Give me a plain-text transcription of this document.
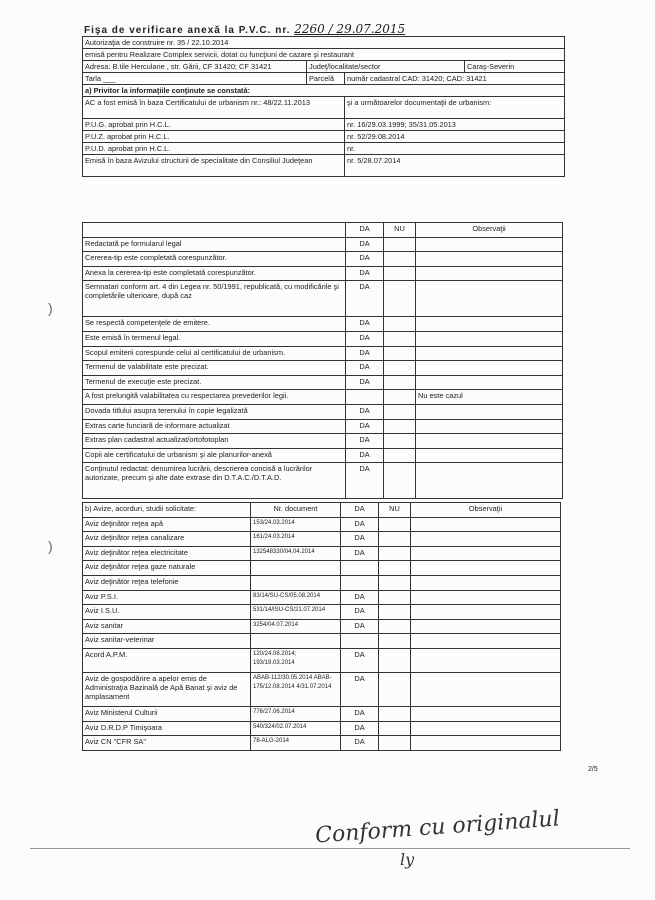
)
)
Fişa de verificare anexă la P.V.C. nr. 2260 / 29.07.2015
Autorizaţia de construire nr. 35 / 22.10.2014			
emisă pentru Realizare Complex servicii, dotat cu funcţiuni de cazare şi restaurant			
Adresa: B.tile Herculane , str. Gării, CF 31420; CF 31421	Judeţ/localitate/sector		Caraş-Severin
Tarla ___	Parcelă	număr cadastral CAD: 31420; CAD: 31421	
a) Privitor la informaţiile conţinute se constată:			
AC a fost emisă în baza Certificatului de urbanism nr.: 48/22.11.2013		şi a următoarelor documentaţii de urbanism:	
P.U.G. aprobat prin H.C.L.		nr. 16/29.03.1999; 35/31.05.2013	
P.U.Z. aprobat prin H.C.L.		nr. 52/29.08.2014	
P.U.D. aprobat prin H.C.L.		nr.	
Emisă în baza Avizului structurii de specialitate din Consiliul Judeţean		nr. 5/28.07.2014	
	DA	NU	Observaţii
Redactată pe formularul legal	DA		
Cererea-tip este completată corespunzător.	DA		
Anexa la cererea-tip este completată corespunzător.	DA		
Semnatari conform art. 4 din Legea nr. 50/1991, republicată, cu modificările şi completările ulterioare, după caz	DA		
Se respectă competenţele de emitere.	DA		
Este emisă în termenul legal.	DA		
Scopul emiterii corespunde celui al certificatului de urbanism.	DA		
Termenul de valabilitate este precizat.	DA		
Termenul de execuţie este precizat.	DA		
A fost prelungită valabilitatea cu respectarea prevederilor legii.			Nu este cazul
Dovada titlului asupra terenului în copie legalizată	DA		
Extras carte funciară de informare actualizat	DA		
Extras plan cadastral actualizat/ortofotoplan	DA		
Copii ale certificatului de urbanism şi ale planurilor-anexă	DA		
Conţinutul redactat: denumirea lucrării, descrierea concisă a lucrărilor autorizate, precum şi alte date extrase din D.T.A.C./D.T.A.D.	DA		
b) Avize, acorduri, studii solicitate:	Nr. document	DA	NU	Observaţii
Aviz deţinător reţea apă	153/24.03.2014	DA		
Aviz deţinător reţea canalizare	161/24.03.2014	DA		
Aviz deţinător reţea electricitate	132548330/04.04.2014	DA		
Aviz deţinător reţea gaze naturale				
Aviz deţinător reţea telefonie				
Aviz P.S.I.	83/14/SU-CS/05.08.2014	DA		
Aviz I.S.U.	531/14/ISU-CS/21.07.2014	DA		
Aviz sanitar	3254/04.07.2014	DA		
Aviz sanitar-veterinar				
Acord A.P.M.	120/24.06.2014; 193/19.03.2014	DA		
Aviz de gospodărire a apelor emis de Administraţia Bazinală de Apă Banat şi aviz de amplasament	ABAB-112/30.05.2014 ABAB-175/12.08.2014 4/31.07.2014	DA		
Aviz Ministerul Culturii	776/27.06.2014	DA		
Aviz D.R.D.P Timişoara	540/324/02.07.2014	DA		
Aviz CN "CFR SA"	78-ALG-2014	DA		
2/5
Conform cu originalul
ly
